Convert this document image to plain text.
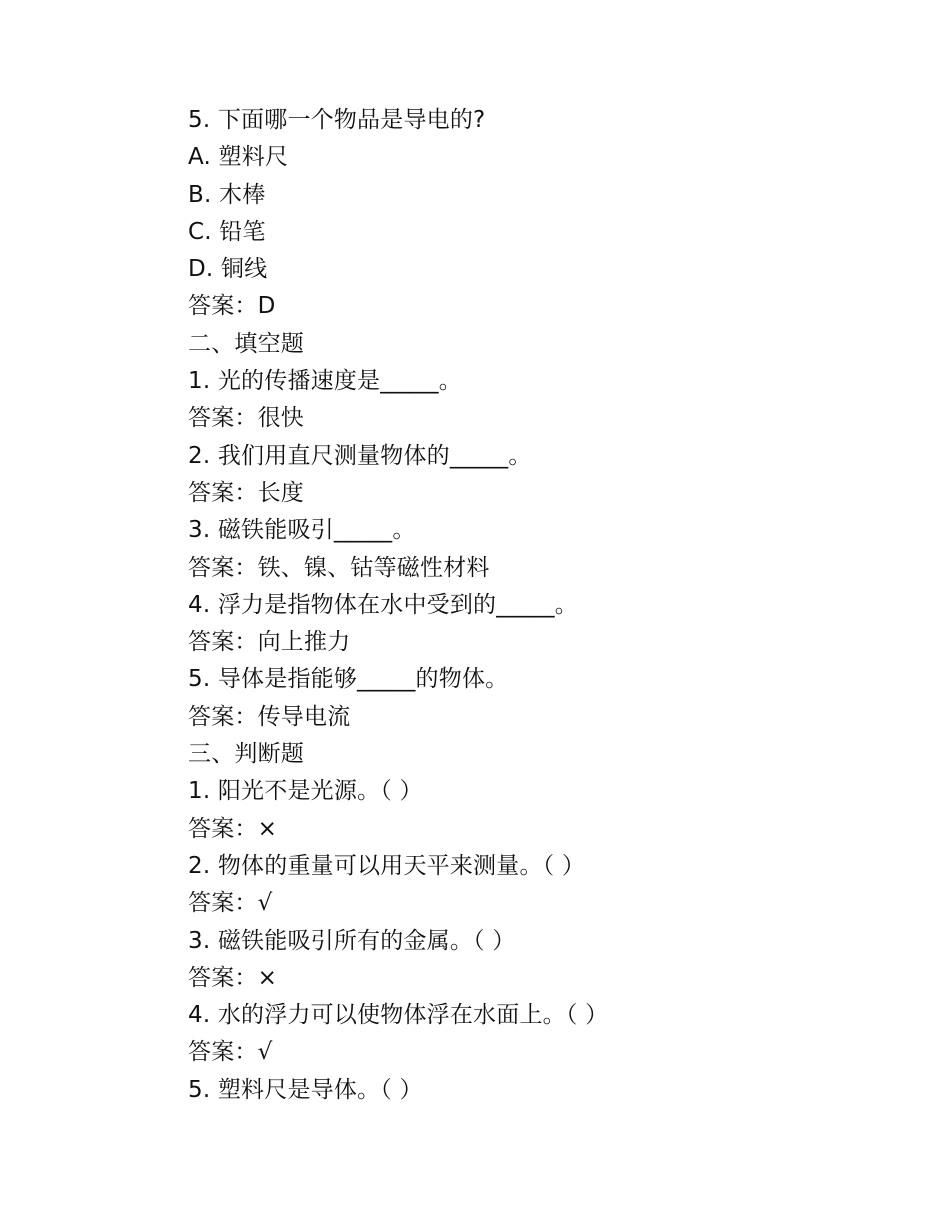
5. 下面哪一个物品是导电的?
A. 塑料尺
B. 木棒
C. 铅笔
D. 铜线
答案：D
二、填空题
1. 光的传播速度是_____。
答案：很快
2. 我们用直尺测量物体的_____。
答案：长度
3. 磁铁能吸引_____。
答案：铁、镍、钴等磁性材料
4. 浮力是指物体在水中受到的_____。
答案：向上推力
5. 导体是指能够_____的物体。
答案：传导电流
三、判断题
1. 阳光不是光源。（ ）
答案：×
2. 物体的重量可以用天平来测量。（ ）
答案：√
3. 磁铁能吸引所有的金属。（ ）
答案：×
4. 水的浮力可以使物体浮在水面上。（ ）
答案：√
5. 塑料尺是导体。（ ）
